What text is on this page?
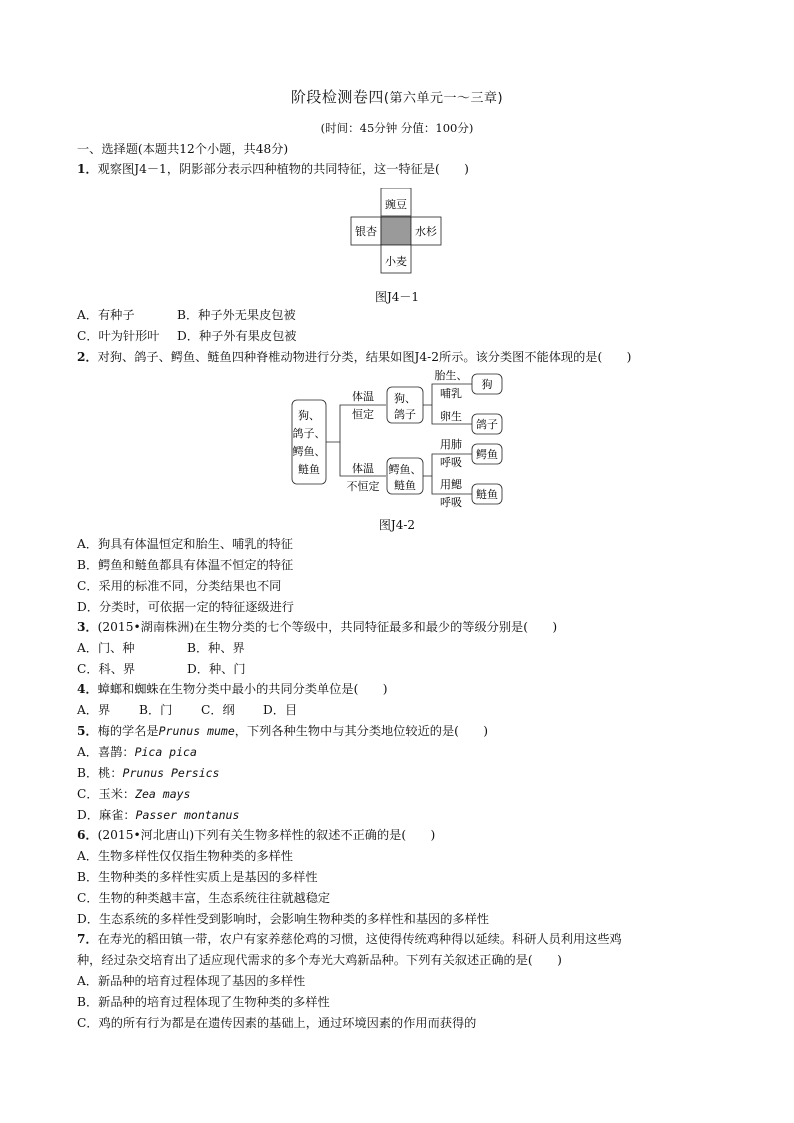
阶段检测卷四(第六单元一～三章)
(时间：45分钟 分值：100分)
一、选择题(本题共12个小题，共48分)
1．观察图J4－1，阴影部分表示四种植物的共同特征，这一特征是(　　)
豌豆
银杏	水杉
小麦
图J4－1
A．有种子	B．种子外无果皮包被
C．叶为针形叶 D．种子外有果皮包被
2．对狗、鸽子、鳄鱼、鲢鱼四种脊椎动物进行分类，结果如图J4-2所示。该分类图不能体现的是(　　)
狗、
鸽子、
鳄鱼、
鲢鱼
体温
恒定
体温
不恒定
狗、
鸽子
鳄鱼、
鲢鱼
胎生、
哺乳
卵生
用肺
呼吸
用鳃
呼吸
狗
鸽子
鳄鱼
鲢鱼
图J4-2
A．狗具有体温恒定和胎生、哺乳的特征
B．鳄鱼和鲢鱼都具有体温不恒定的特征
C．采用的标准不同，分类结果也不同
D．分类时，可依据一定的特征逐级进行
3．(2015•湖南株洲)在生物分类的七个等级中，共同特征最多和最少的等级分别是(　　)
A．门、种	B．种、界
C．科、界	D．种、门
4．蟑螂和蜘蛛在生物分类中最小的共同分类单位是(　　)
A．界 B．门 C．纲 D．目
5．梅的学名是Prunus mume，下列各种生物中与其分类地位较近的是(　　)
A．喜鹊：Pica pica
B．桃：Prunus Persics
C．玉米：Zea mays
D．麻雀：Passer montanus
6．(2015•河北唐山)下列有关生物多样性的叙述不正确的是(　　)
A．生物多样性仅仅指生物种类的多样性
B．生物种类的多样性实质上是基因的多样性
C．生物的种类越丰富，生态系统往往就越稳定
D．生态系统的多样性受到影响时，会影响生物种类的多样性和基因的多样性
7．在寿光的稻田镇一带，农户有家养慈伦鸡的习惯，这使得传统鸡种得以延续。科研人员利用这些鸡
种，经过杂交培育出了适应现代需求的多个寿光大鸡新品种。下列有关叙述正确的是(　　)
A．新品种的培育过程体现了基因的多样性
B．新品种的培育过程体现了生物种类的多样性
C．鸡的所有行为都是在遗传因素的基础上，通过环境因素的作用而获得的
